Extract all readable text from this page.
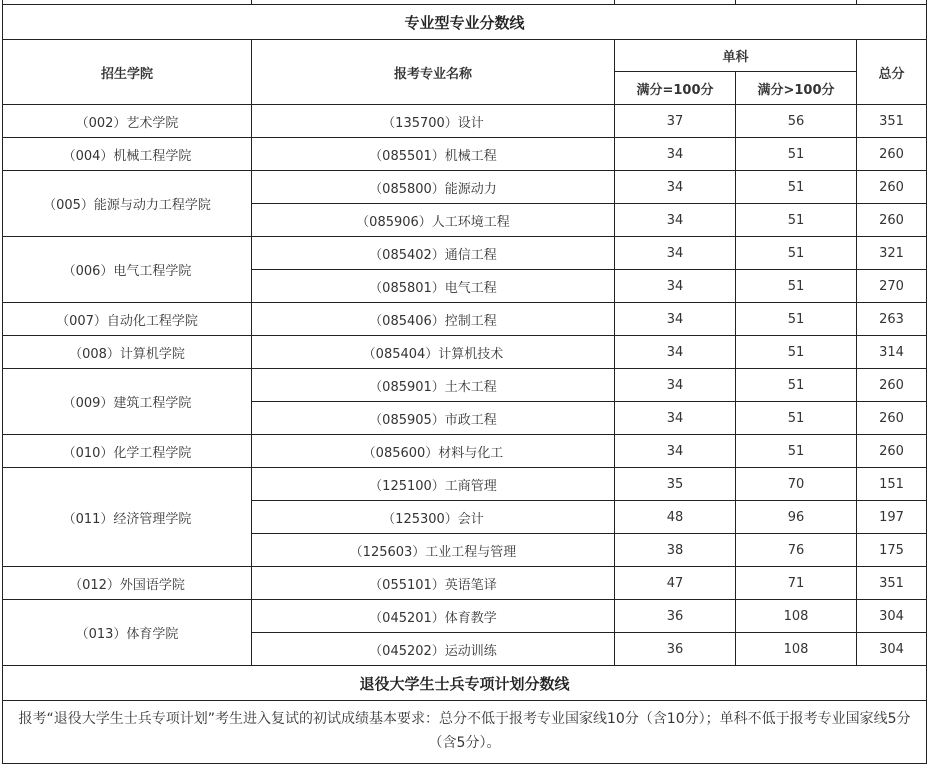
专业型专业分数线				
招生学院	报考专业名称	单科		总分
		满分=100分	满分>100分	
（002）艺术学院	（135700）设计	37	56	351
（004）机械工程学院	（085501）机械工程	34	51	260
（005）能源与动力工程学院	（085800）能源动力	34	51	260
	（085906）人工环境工程	34	51	260
（006）电气工程学院	（085402）通信工程	34	51	321
	（085801）电气工程	34	51	270
（007）自动化工程学院	（085406）控制工程	34	51	263
（008）计算机学院	（085404）计算机技术	34	51	314
（009）建筑工程学院	（085901）土木工程	34	51	260
	（085905）市政工程	34	51	260
（010）化学工程学院	（085600）材料与化工	34	51	260
（011）经济管理学院	（125100）工商管理	35	70	151
	（125300）会计	48	96	197
	（125603）工业工程与管理	38	76	175
（012）外国语学院	（055101）英语笔译	47	71	351
（013）体育学院	（045201）体育教学	36	108	304
	（045202）运动训练	36	108	304
退役大学生士兵专项计划分数线				
报考“退役大学生士兵专项计划”考生进入复试的初试成绩基本要求：总分不低于报考专业国家线10分（含10分）；单科不低于报考专业国家线5分（含5分）。				
